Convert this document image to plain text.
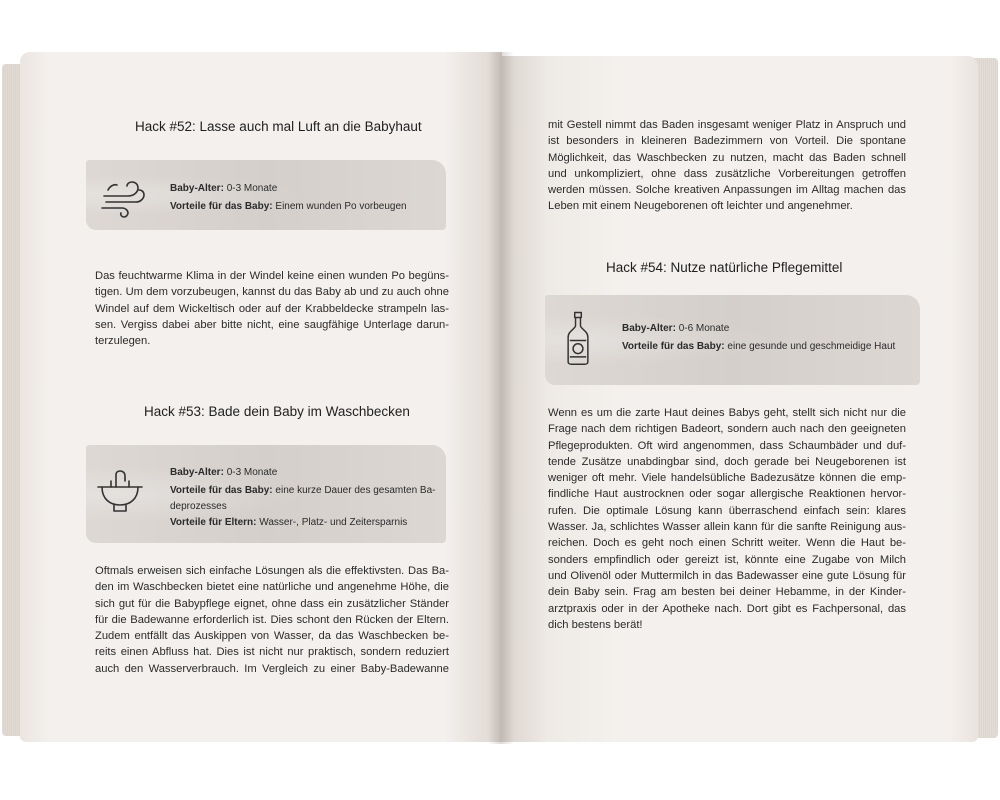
Hack #52: Lasse auch mal Luft an die Babyhaut
Baby-Alter: 0-3 Monate
Vorteile für das Baby: Einem wunden Po vorbeugen
Das feuchtwarme Klima in der Windel keine einen wunden Po begüns-
tigen. Um dem vorzubeugen, kannst du das Baby ab und zu auch ohne
Windel auf dem Wickeltisch oder auf der Krabbeldecke strampeln las-
sen. Vergiss dabei aber bitte nicht, eine saugfähige Unterlage darun-
terzulegen.
Hack #53: Bade dein Baby im Waschbecken
Baby-Alter: 0-3 Monate
Vorteile für das Baby: eine kurze Dauer des gesamten Ba-
deprozesses
Vorteile für Eltern: Wasser-, Platz- und Zeitersparnis
Oftmals erweisen sich einfache Lösungen als die effektivsten. Das Ba-
den im Waschbecken bietet eine natürliche und angenehme Höhe, die
sich gut für die Babypflege eignet, ohne dass ein zusätzlicher Ständer
für die Badewanne erforderlich ist. Dies schont den Rücken der Eltern.
Zudem entfällt das Auskippen von Wasser, da das Waschbecken be-
reits einen Abfluss hat. Dies ist nicht nur praktisch, sondern reduziert
auch den Wasserverbrauch. Im Vergleich zu einer Baby-Badewanne
mit Gestell nimmt das Baden insgesamt weniger Platz in Anspruch und
ist besonders in kleineren Badezimmern von Vorteil. Die spontane
Möglichkeit, das Waschbecken zu nutzen, macht das Baden schnell
und unkompliziert, ohne dass zusätzliche Vorbereitungen getroffen
werden müssen. Solche kreativen Anpassungen im Alltag machen das
Leben mit einem Neugeborenen oft leichter und angenehmer.
Hack #54: Nutze natürliche Pflegemittel
Baby-Alter: 0-6 Monate
Vorteile für das Baby: eine gesunde und geschmeidige Haut
Wenn es um die zarte Haut deines Babys geht, stellt sich nicht nur die
Frage nach dem richtigen Badeort, sondern auch nach den geeigneten
Pflegeprodukten. Oft wird angenommen, dass Schaumbäder und duf-
tende Zusätze unabdingbar sind, doch gerade bei Neugeborenen ist
weniger oft mehr. Viele handelsübliche Badezusätze können die emp-
findliche Haut austrocknen oder sogar allergische Reaktionen hervor-
rufen. Die optimale Lösung kann überraschend einfach sein: klares
Wasser. Ja, schlichtes Wasser allein kann für die sanfte Reinigung aus-
reichen. Doch es geht noch einen Schritt weiter. Wenn die Haut be-
sonders empfindlich oder gereizt ist, könnte eine Zugabe von Milch
und Olivenöl oder Muttermilch in das Badewasser eine gute Lösung für
dein Baby sein. Frag am besten bei deiner Hebamme, in der Kinder-
arztpraxis oder in der Apotheke nach. Dort gibt es Fachpersonal, das
dich bestens berät!
